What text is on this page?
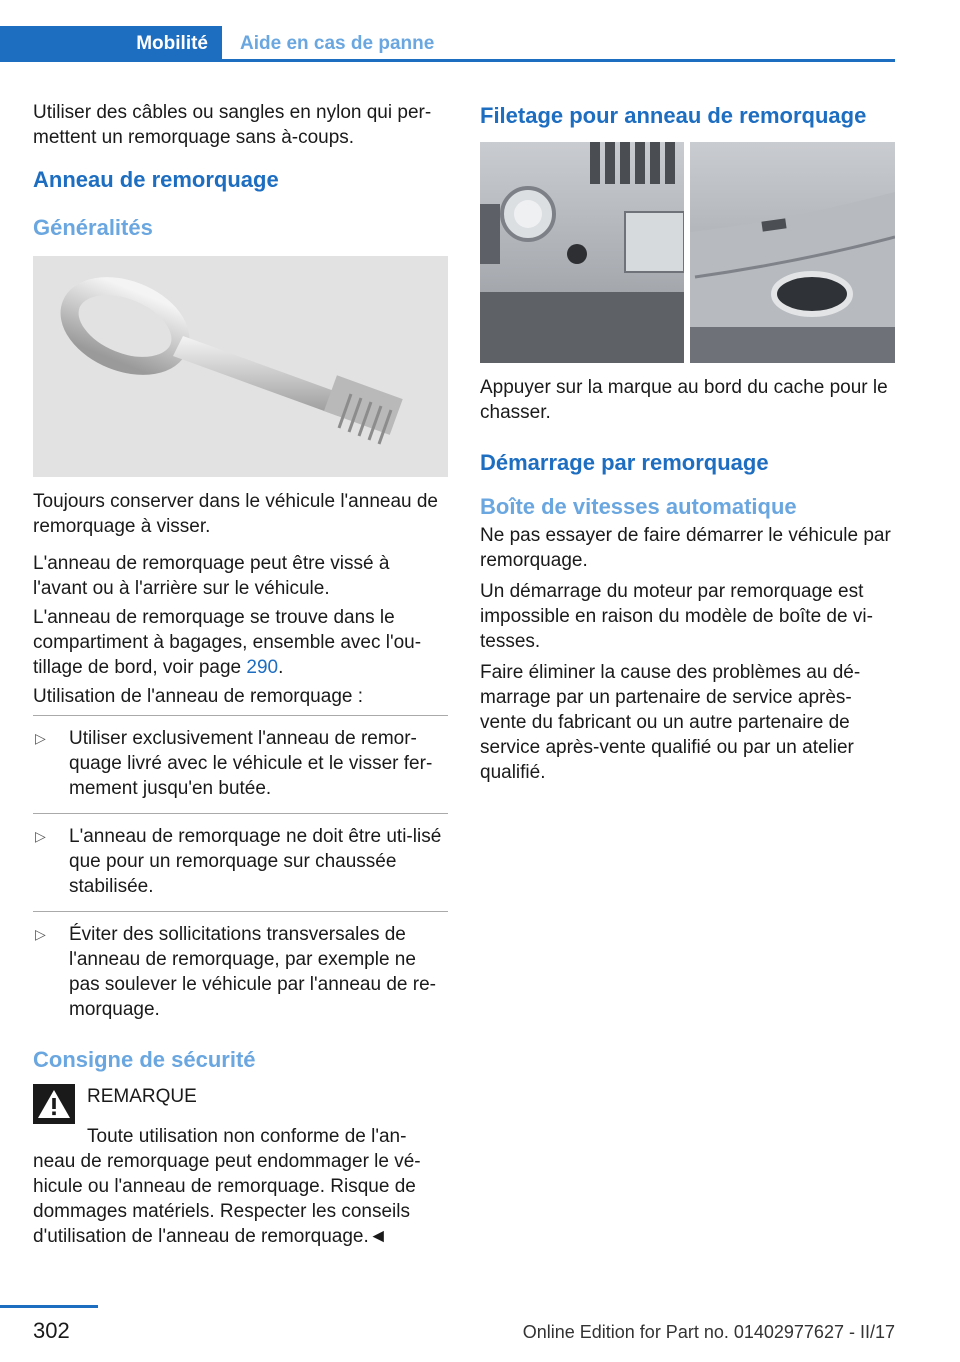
Mobilité	Aide en cas de panne

Utiliser des câbles ou sangles en nylon qui per-mettent un remorquage sans à-coups.

Anneau de remorquage
Généralités

Toujours conserver dans le véhicule l'anneau de remorquage à visser.

L'anneau de remorquage peut être vissé à l'avant ou à l'arrière sur le véhicule.

L'anneau de remorquage se trouve dans le compartiment à bagages, ensemble avec l'ou-tillage de bord, voir page 290.

Utilisation de l'anneau de remorquage :

▷	Utiliser exclusivement l'anneau de remor-quage livré avec le véhicule et le visser fer-mement jusqu'en butée.
▷	L'anneau de remorquage ne doit être uti-lisé que pour un remorquage sur chaussée stabilisée.
▷	Éviter des sollicitations transversales de l'anneau de remorquage, par exemple ne pas soulever le véhicule par l'anneau de re-morquage.
Consigne de sécurité

REMARQUE

Toute utilisation non conforme de l'an-neau de remorquage peut endommager le vé-hicule ou l'anneau de remorquage. Risque de dommages matériels. Respecter les conseils d'utilisation de l'anneau de remorquage.◄

Filetage pour anneau de remorquage

Appuyer sur la marque au bord du cache pour le chasser.

Démarrage par remorquage
Boîte de vitesses automatique

Ne pas essayer de faire démarrer le véhicule par remorquage.

Un démarrage du moteur par remorquage est impossible en raison du modèle de boîte de vi-tesses.

Faire éliminer la cause des problèmes au dé-marrage par un partenaire de service après-vente du fabricant ou un autre partenaire de service après-vente qualifié ou par un atelier qualifié.

302	Online Edition for Part no. 01402977627 - II/17
